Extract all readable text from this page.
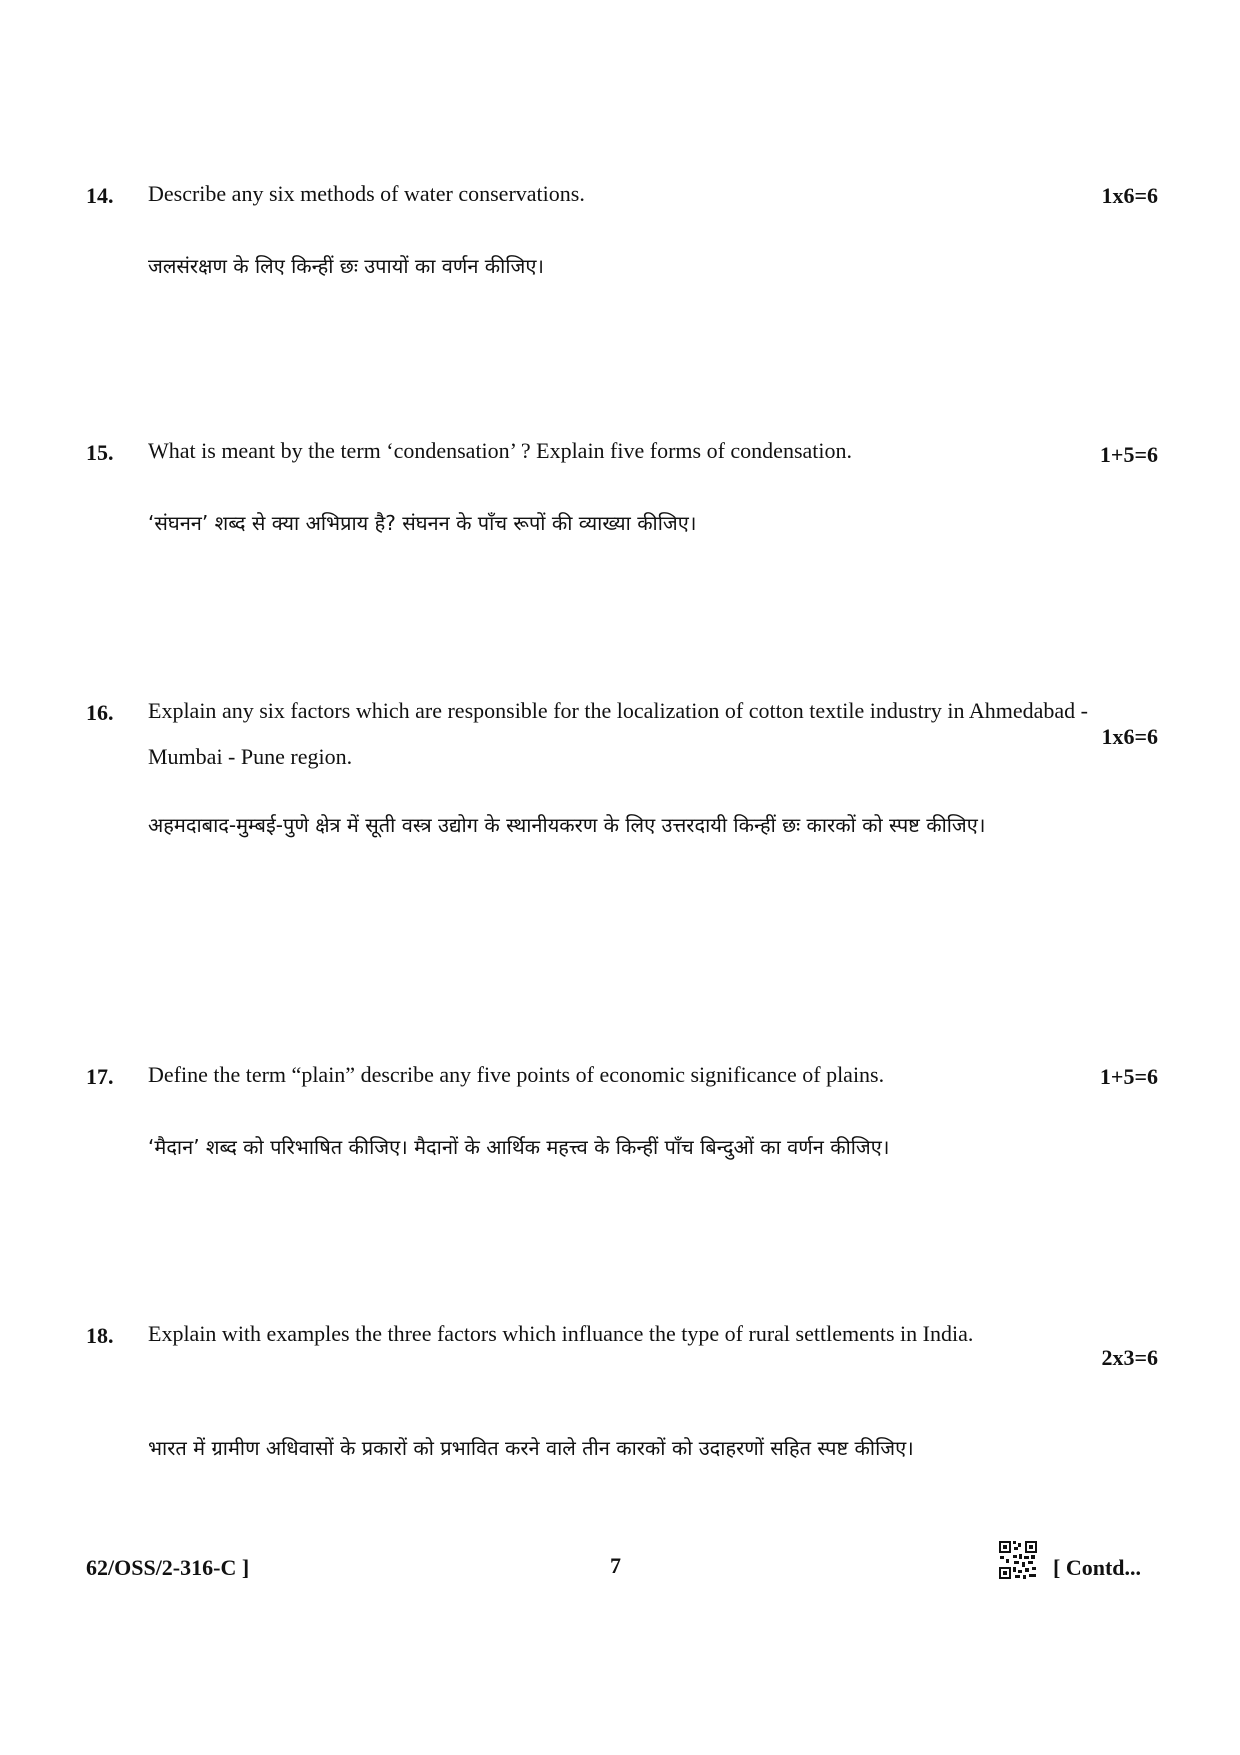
14. Describe any six methods of water conservations.	1x6=6
जलसंरक्षण के लिए किन्हीं छः उपायों का वर्णन कीजिए।
15. What is meant by the term ‘condensation’ ? Explain five forms of condensation.	1+5=6
‘संघनन’ शब्द से क्या अभिप्राय है? संघनन के पाँच रूपों की व्याख्या कीजिए।
16. Explain any six factors which are responsible for the localization of cotton textile industry in Ahmedabad - Mumbai - Pune region.
1x6=6
अहमदाबाद-मुम्बई-पुणे क्षेत्र में सूती वस्त्र उद्योग के स्थानीयकरण के लिए उत्तरदायी किन्हीं छः कारकों को स्पष्ट कीजिए।
17. Define the term “plain” describe any five points of economic significance of plains.	1+5=6
‘मैदान’ शब्द को परिभाषित कीजिए। मैदानों के आर्थिक महत्त्व के किन्हीं पाँच बिन्दुओं का वर्णन कीजिए।
18. Explain with examples the three factors which influance the type of rural settlements in India.
2x3=6
भारत में ग्रामीण अधिवासों के प्रकारों को प्रभावित करने वाले तीन कारकों को उदाहरणों सहित स्पष्ट कीजिए।
62/OSS/2-316-C ]	7	[ Contd...
